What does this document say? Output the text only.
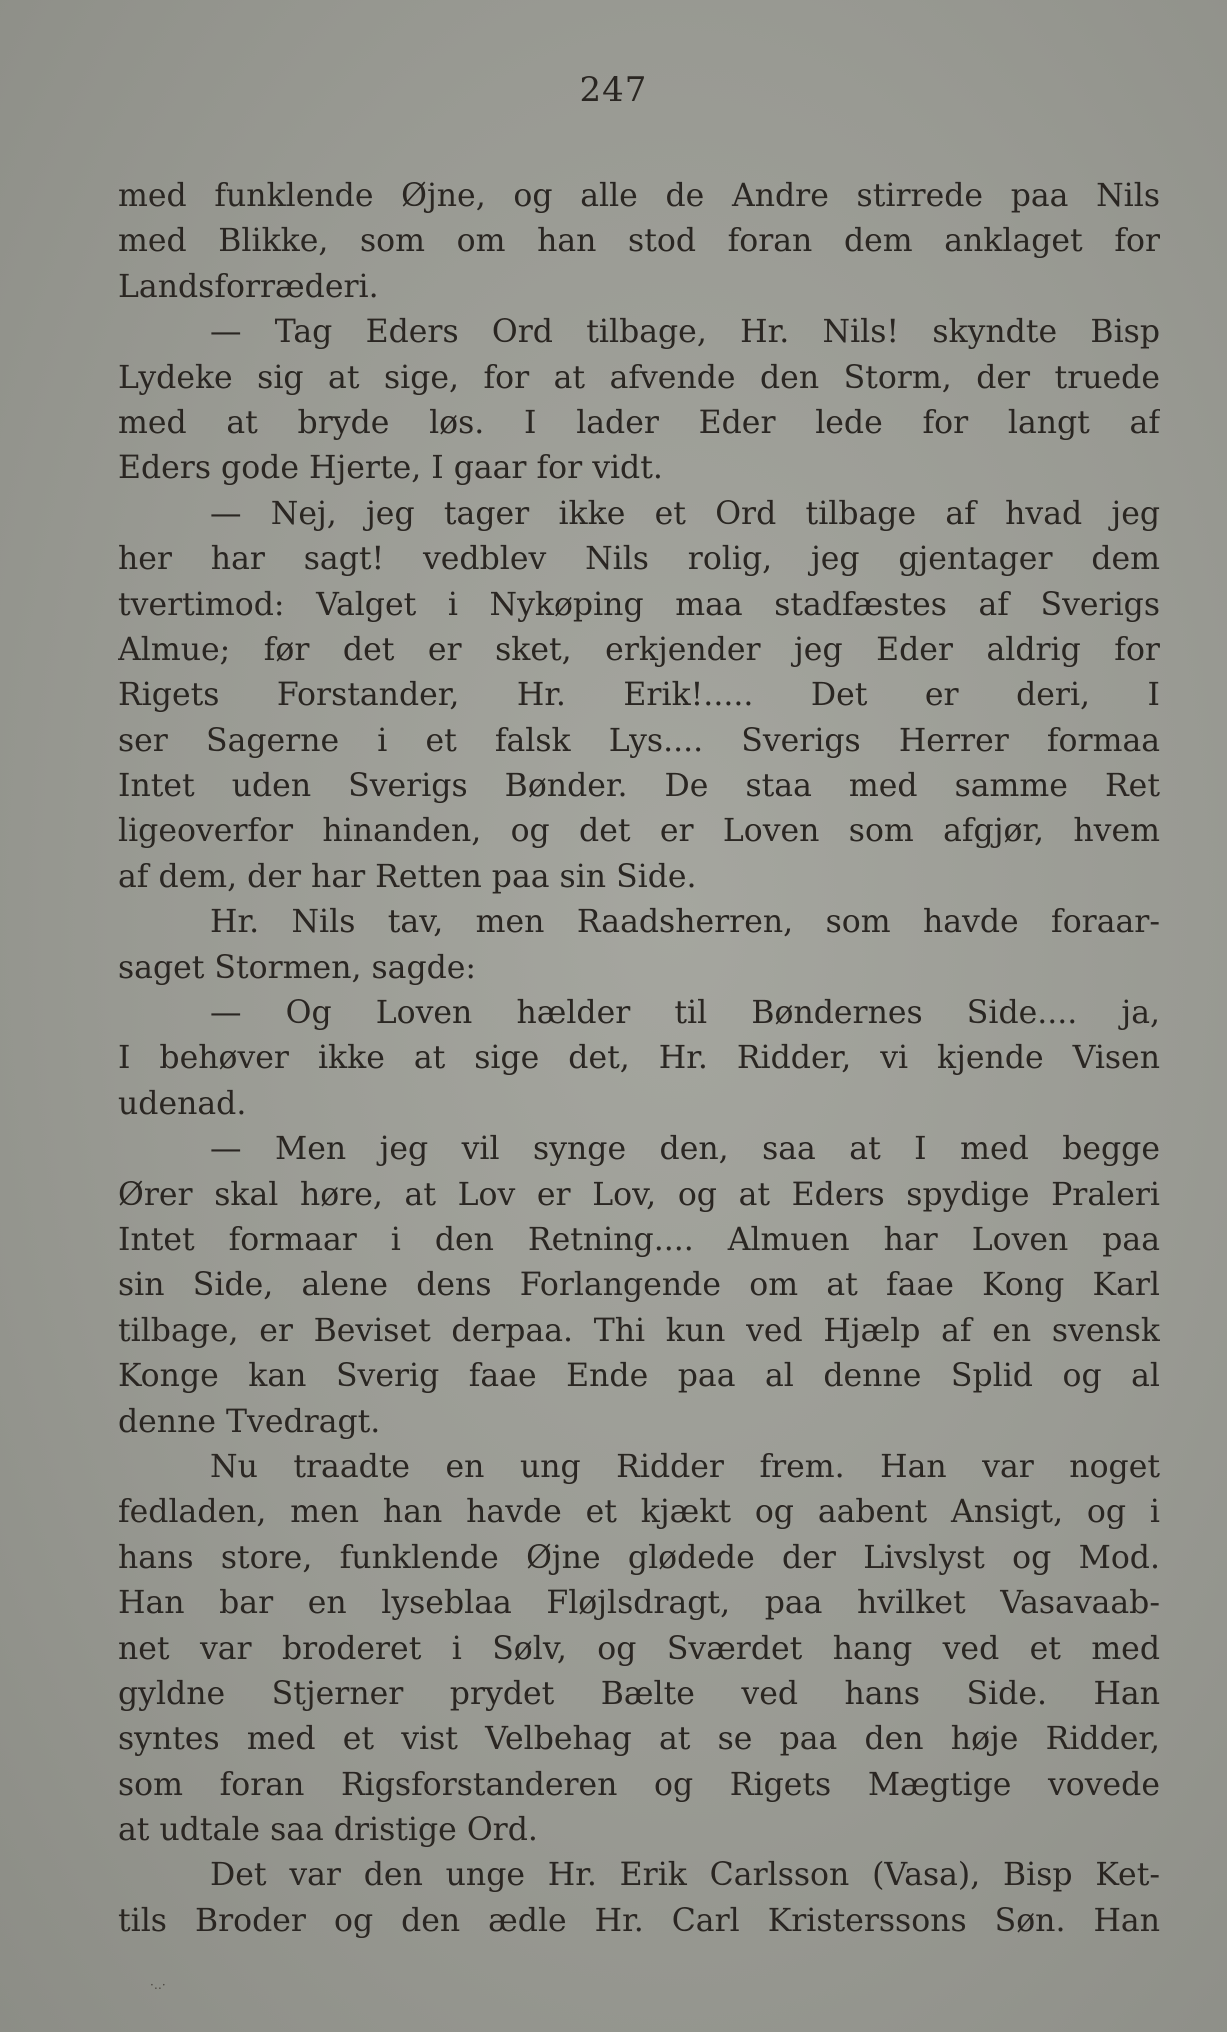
247
med funklende Øjne, og alle de Andre stirrede paa Nils
med Blikke, som om han stod foran dem anklaget for
Landsforræderi.
— Tag Eders Ord tilbage, Hr. Nils! skyndte Bisp
Lydeke sig at sige, for at afvende den Storm, der truede
med at bryde løs. I lader Eder lede for langt af
Eders gode Hjerte, I gaar for vidt.
— Nej, jeg tager ikke et Ord tilbage af hvad jeg
her har sagt! vedblev Nils rolig, jeg gjentager dem
tvertimod: Valget i Nykøping maa stadfæstes af Sverigs
Almue; før det er sket, erkjender jeg Eder aldrig for
Rigets Forstander, Hr. Erik!..... Det er deri, I
ser Sagerne i et falsk Lys.... Sverigs Herrer formaa
Intet uden Sverigs Bønder. De staa med samme Ret
ligeoverfor hinanden, og det er Loven som afgjør, hvem
af dem, der har Retten paa sin Side.
Hr. Nils tav, men Raadsherren, som havde foraar-
saget Stormen, sagde:
— Og Loven hælder til Bøndernes Side.... ja,
I behøver ikke at sige det, Hr. Ridder, vi kjende Visen
udenad.
— Men jeg vil synge den, saa at I med begge
Ører skal høre, at Lov er Lov, og at Eders spydige Praleri
Intet formaar i den Retning.... Almuen har Loven paa
sin Side, alene dens Forlangende om at faae Kong Karl
tilbage, er Beviset derpaa. Thi kun ved Hjælp af en svensk
Konge kan Sverig faae Ende paa al denne Splid og al
denne Tvedragt.
Nu traadte en ung Ridder frem. Han var noget
fedladen, men han havde et kjækt og aabent Ansigt, og i
hans store, funklende Øjne glødede der Livslyst og Mod.
Han bar en lyseblaa Fløjlsdragt, paa hvilket Vasavaab-
net var broderet i Sølv, og Sværdet hang ved et med
gyldne Stjerner prydet Bælte ved hans Side. Han
syntes med et vist Velbehag at se paa den høje Ridder,
som foran Rigsforstanderen og Rigets Mægtige vovede
at udtale saa dristige Ord.
Det var den unge Hr. Erik Carlsson (Vasa), Bisp Ket-
tils Broder og den ædle Hr. Carl Kristerssons Søn. Han
·‥·
